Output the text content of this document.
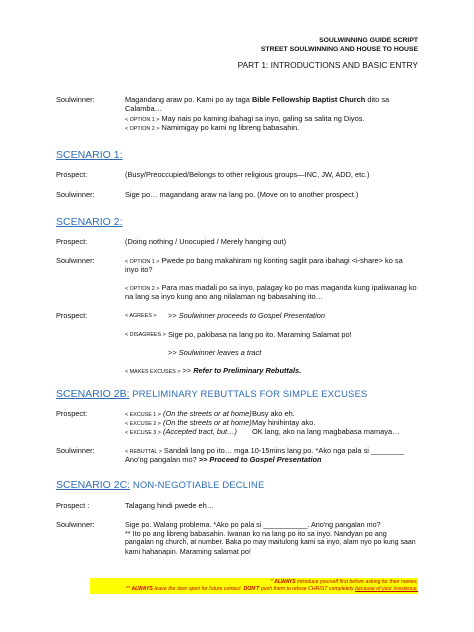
SOULWINNING GUIDE SCRIPT
STREET SOULWINNING AND HOUSE TO HOUSE
PART 1: INTRODUCTIONS AND BASIC ENTRY
Soulwinner:	Magandang araw po. Kami po ay taga Bible Fellowship Baptist Church dito sa
Calamba…
< OPTION 1 > May nais po kaming ibahagi sa inyo, galing sa salita ng Diyos.
< OPTION 2 > Namimigay po kami ng libreng babasahin.
SCENARIO 1:
Prospect:	(Busy/Preoccupied/Belongs to other religious groups—INC, JW, ADD, etc.)
Soulwinner:	Sige po… magandang araw na lang po. (Move on to another prospect.)
SCENARIO 2:
Prospect:	(Doing nothing / Unocupied / Merely hanging out)
Soulwinner:	< OPTION 1 > Pwede po bang makahiram ng konting saglit para ibahagi <i-share> ko sa
inyo ito?
< OPTION 2 > Para mas madali po sa inyo, palagay ko po mas maganda kung ipaliwanag ko
na lang sa inyo kung ano ang nilalaman ng babasahing ito…
Prospect:	< AGREES > >> Soulwinner proceeds to Gospel Presentation
< DISAGREES > Sige po, pakibasa na lang po ito. Maraming Salamat po!
>> Soulwinner leaves a tract
< MAKES EXCUSES > >> Refer to Preliminary Rebuttals.
SCENARIO 2B: PRELIMINARY REBUTTALS FOR SIMPLE EXCUSES
Prospect:	< EXCUSE 1 > (On the streets or at home) Busy ako eh.
< EXCUSE 2 > (On the streets or at home) May hinihintay ako.
< EXCUSE 3 > (Accepted tract, but…) OK lang, ako na lang magbabasa mamaya…
Soulwinner:	< REBUTTAL > Sandali lang po ito… mga 10-15mins lang po. *Ako nga pala si ________
Ano'ng pangalan mo? >> Proceed to Gospel Presentation
SCENARIO 2C: NON-NEGOTIABLE DECLINE
Prospect :	Talagang hindi pwede eh…
Soulwinner:	Sige po. Walang problema. *Ako po pala si ___________. Ano'ng pangalan mo?
** Ito po ang libreng babasahin. Iwanan ko na lang po ito sa inyo. Nandyan po ang
pangalan ng church, at number. Baka po may maitulong kami sa inyo, alam nyo po kung saan
kami hahanapin. Maraming salamat po!
* ALWAYS introduce yourself first before asking for their names.
** ALWAYS leave the door open for future contact. DON'T push them to refuse CHRIST completely because of your insistence.
